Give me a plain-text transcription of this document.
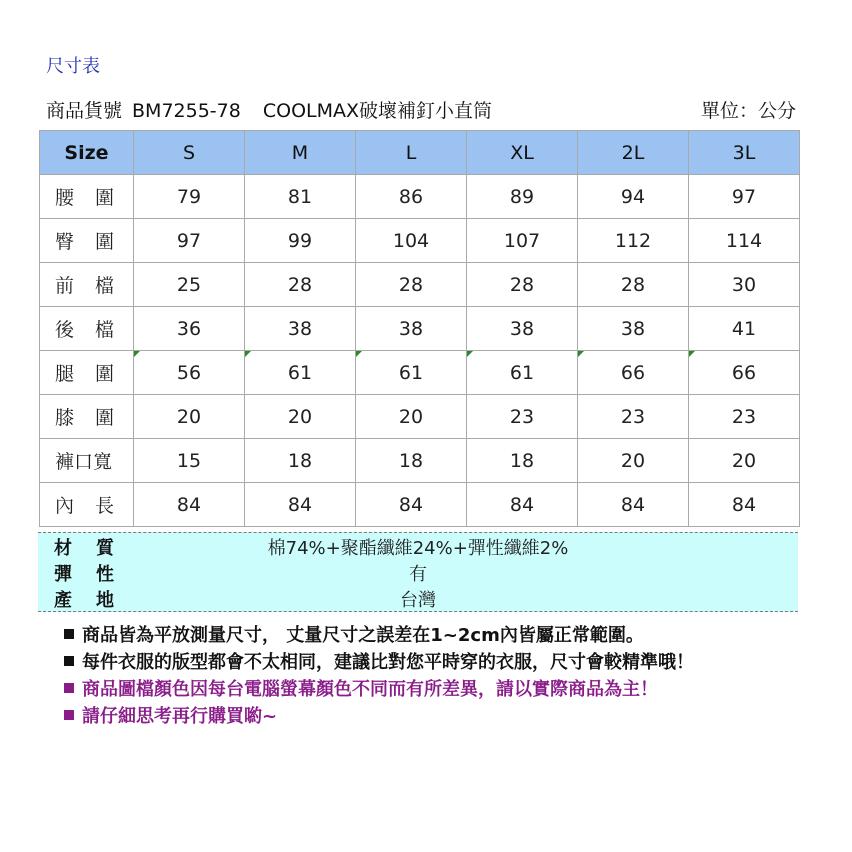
尺寸表
商品貨號 BM7255-78 COOLMAX破壞補釘小直筒	單位：公分
Size	S	M	L	XL	2L	3L
腰 圍	79	81	86	89	94	97
臀 圍	97	99	104	107	112	114
前 檔	25	28	28	28	28	30
後 檔	36	38	38	38	38	41
腿 圍	56	61	61	61	66	66
膝 圍	20	20	20	23	23	23
褲口寬	15	18	18	18	20	20
內 長	84	84	84	84	84	84
材 質	棉74%+聚酯纖維24%+彈性纖維2%
彈 性	有
產 地	台灣
商品皆為平放測量尺寸， 丈量尺寸之誤差在1~2cm內皆屬正常範圍。
每件衣服的版型都會不太相同，建議比對您平時穿的衣服，尺寸會較精準哦！
商品圖檔顏色因每台電腦螢幕顏色不同而有所差異，請以實際商品為主！
請仔細思考再行購買喲~
